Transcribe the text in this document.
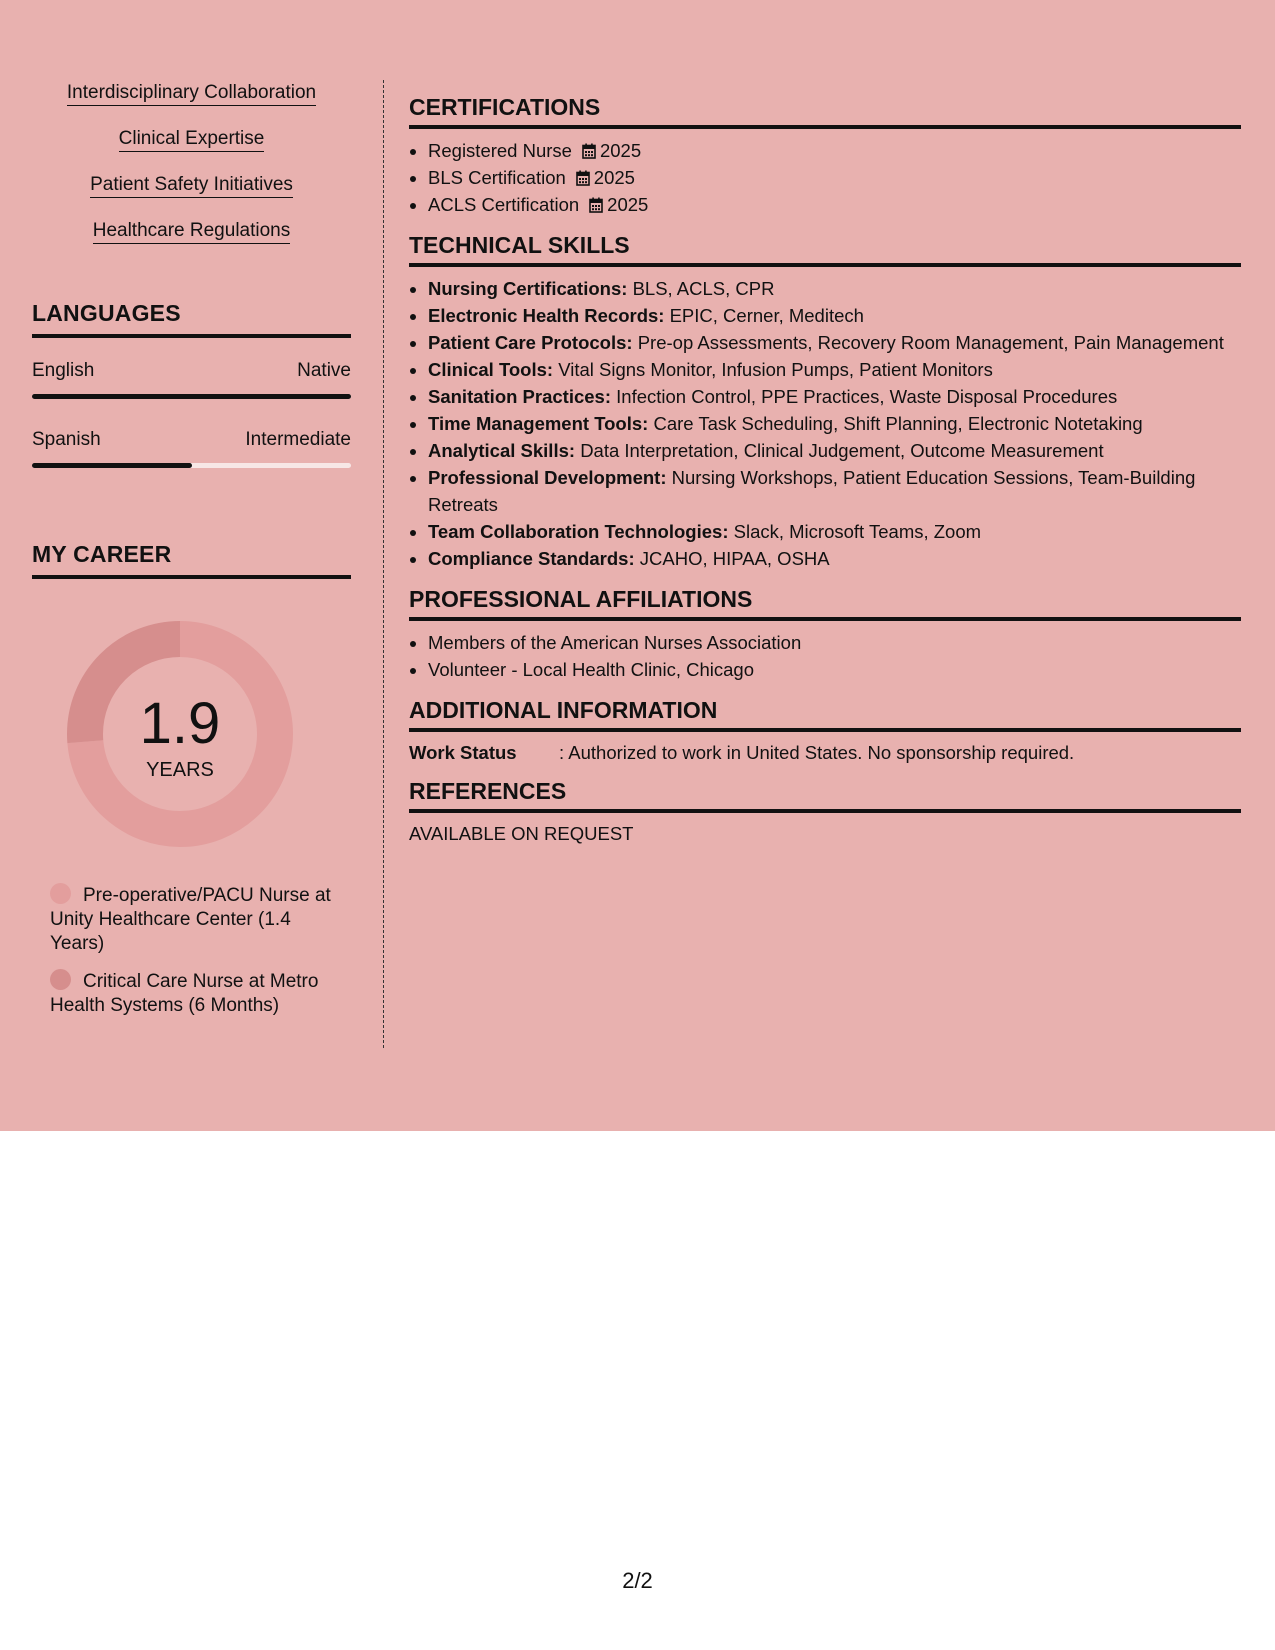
Interdisciplinary Collaboration
Clinical Expertise
Patient Safety Initiatives
Healthcare Regulations
LANGUAGES
English	Native
Spanish	Intermediate
MY CAREER
1.9
YEARS
Pre-operative/PACU Nurse at Unity Healthcare Center (1.4 Years)
Critical Care Nurse at Metro Health Systems (6 Months)
CERTIFICATIONS
• Registered Nurse 2025
• BLS Certification 2025
• ACLS Certification 2025
TECHNICAL SKILLS
• Nursing Certifications: BLS, ACLS, CPR
• Electronic Health Records: EPIC, Cerner, Meditech
• Patient Care Protocols: Pre-op Assessments, Recovery Room Management, Pain Management
• Clinical Tools: Vital Signs Monitor, Infusion Pumps, Patient Monitors
• Sanitation Practices: Infection Control, PPE Practices, Waste Disposal Procedures
• Time Management Tools: Care Task Scheduling, Shift Planning, Electronic Notetaking
• Analytical Skills: Data Interpretation, Clinical Judgement, Outcome Measurement
• Professional Development: Nursing Workshops, Patient Education Sessions, Team-Building Retreats
• Team Collaboration Technologies: Slack, Microsoft Teams, Zoom
• Compliance Standards: JCAHO, HIPAA, OSHA
PROFESSIONAL AFFILIATIONS
• Members of the American Nurses Association
• Volunteer - Local Health Clinic, Chicago
ADDITIONAL INFORMATION
Work Status	: Authorized to work in United States. No sponsorship required.
REFERENCES
AVAILABLE ON REQUEST
2/2
